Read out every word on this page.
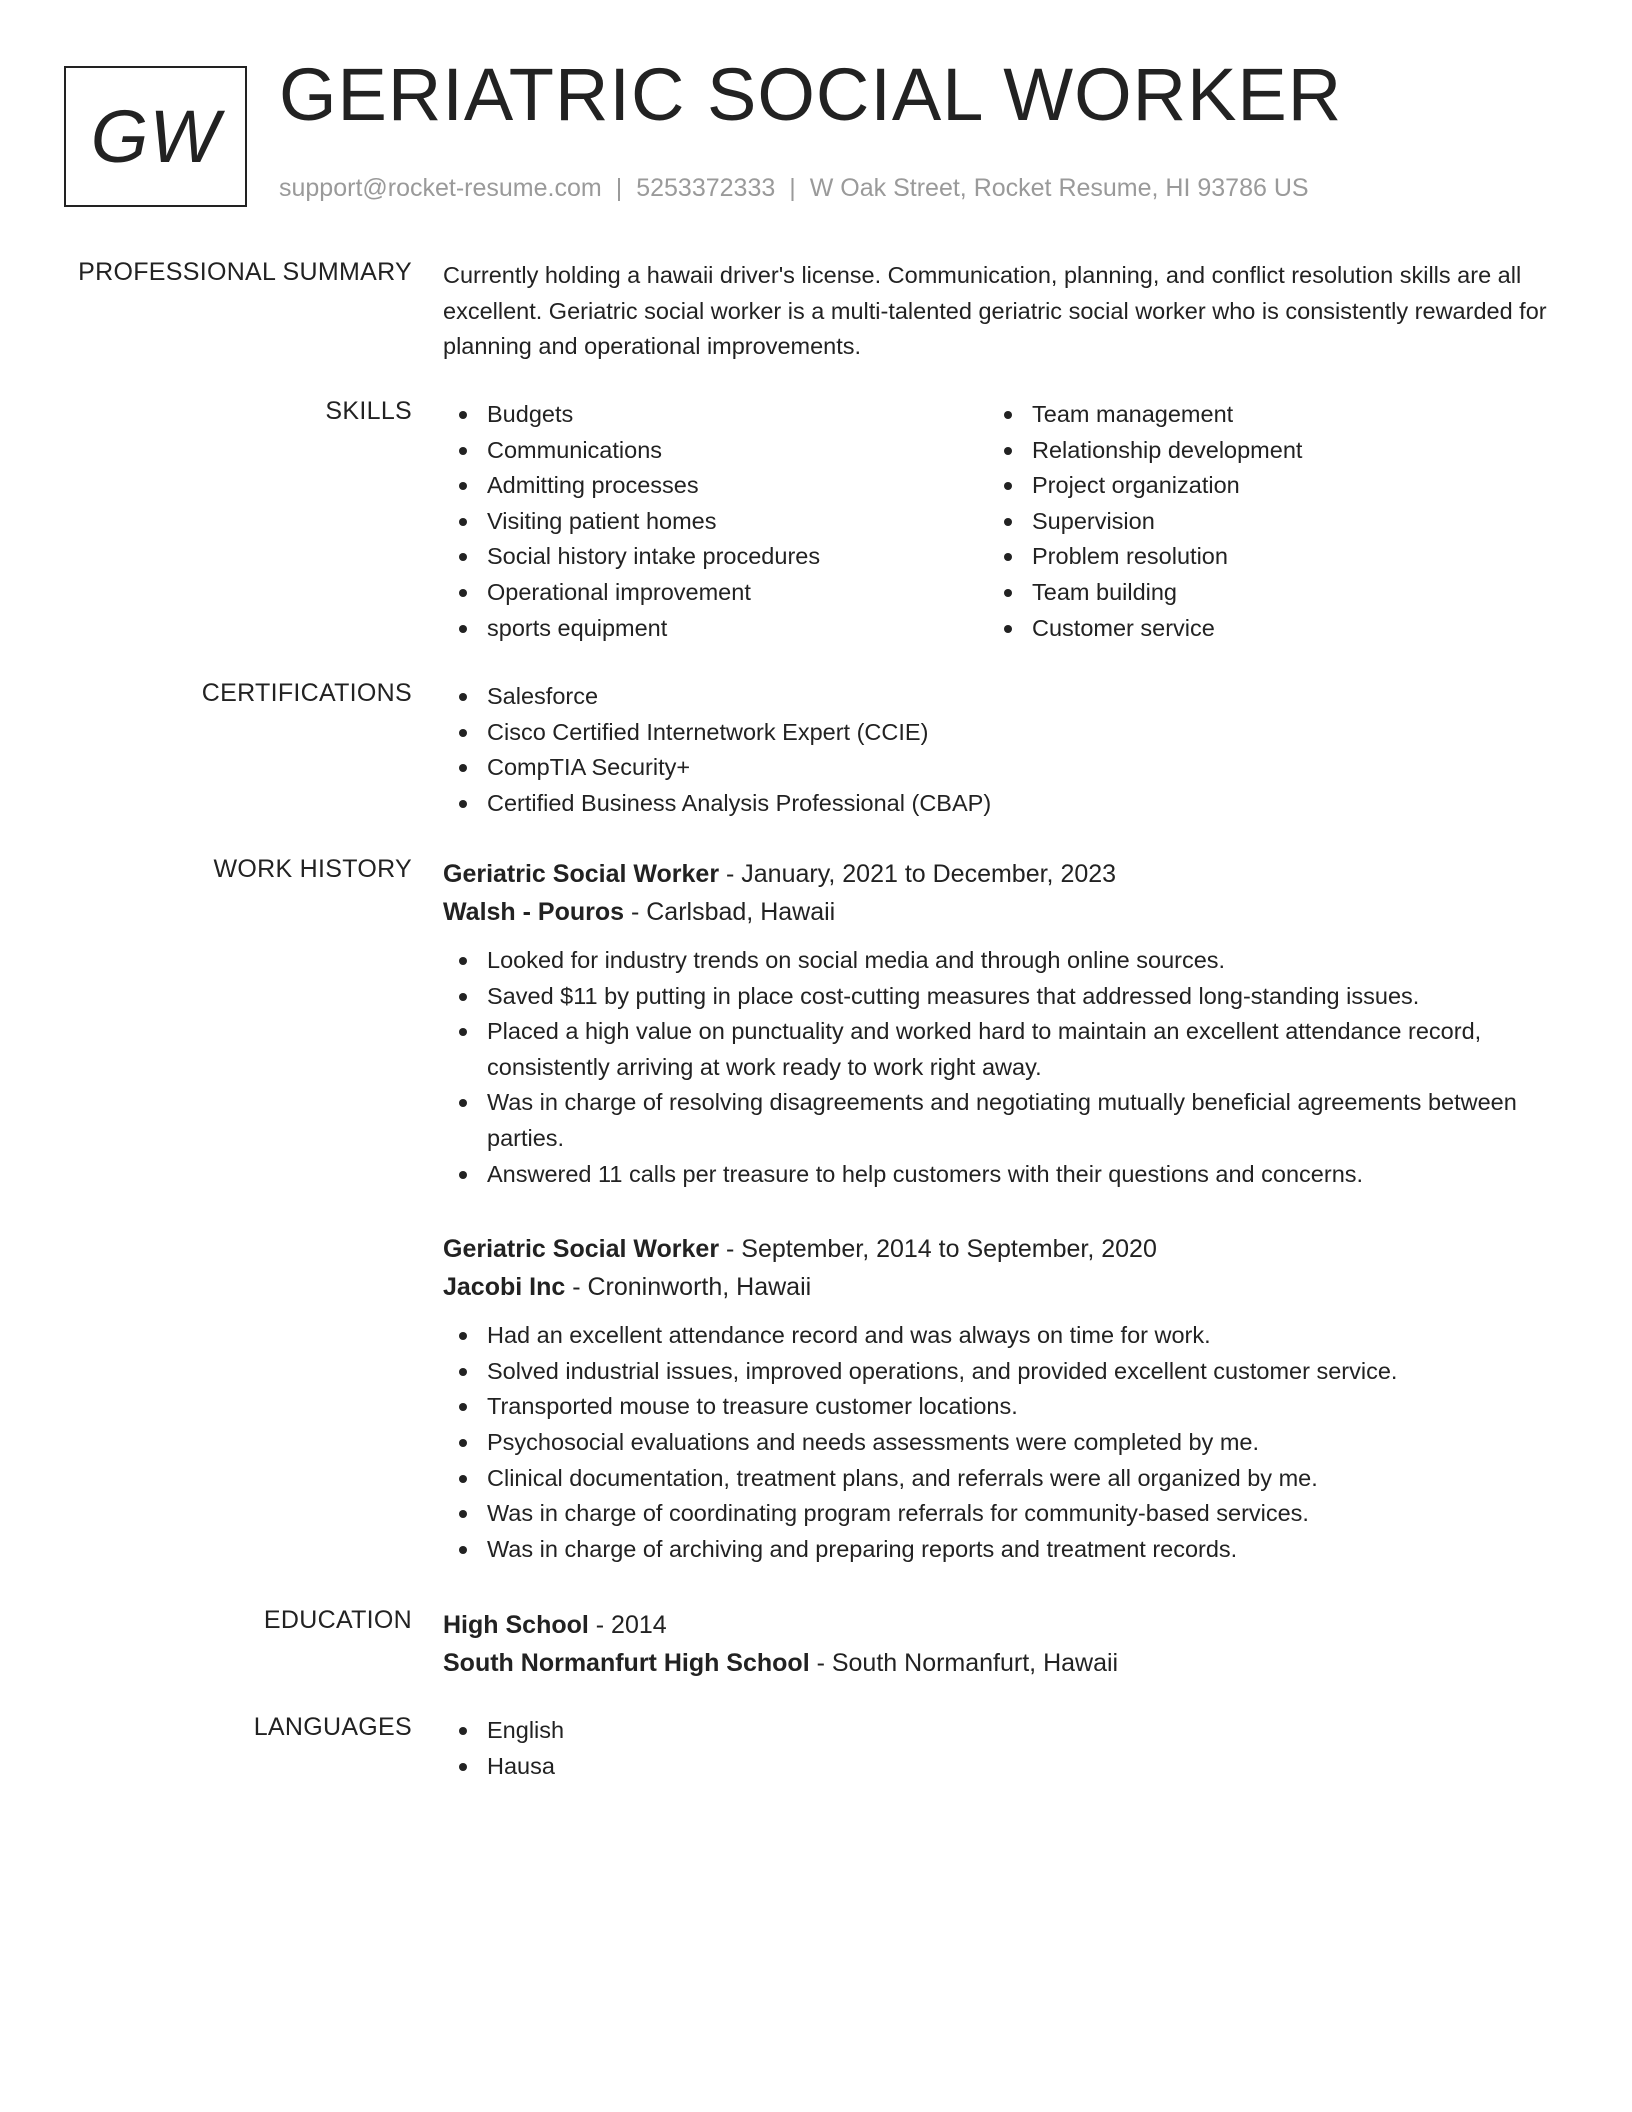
GW
GERIATRIC SOCIAL WORKER
support@rocket-resume.com | 5253372333 | W Oak Street, Rocket Resume, HI 93786 US
PROFESSIONAL SUMMARY Currently holding a hawaii driver's license. Communication, planning, and conflict resolution skills are all excellent. Geriatric social worker is a multi-talented geriatric social worker who is consistently rewarded for planning and operational improvements.

SKILLS	Budgets
Communications
Admitting processes
Visiting patient homes
Social history intake procedures
Operational improvement
sports equipment
Team management
Relationship development
Project organization
Supervision
Problem resolution
Team building
Customer service
CERTIFICATIONS	Salesforce
Cisco Certified Internetwork Expert (CCIE)
CompTIA Security+
Certified Business Analysis Professional (CBAP)
WORK HISTORY Geriatric Social Worker - January, 2021 to December, 2023

Walsh - Pouros - Carlsbad, Hawaii

Looked for industry trends on social media and through online sources.
Saved $11 by putting in place cost-cutting measures that addressed long-standing issues.
Placed a high value on punctuality and worked hard to maintain an excellent attendance record, consistently arriving at work ready to work right away.
Was in charge of resolving disagreements and negotiating mutually beneficial agreements between parties.
Answered 11 calls per treasure to help customers with their questions and concerns.

Geriatric Social Worker - September, 2014 to September, 2020

Jacobi Inc - Croninworth, Hawaii

Had an excellent attendance record and was always on time for work.
Solved industrial issues, improved operations, and provided excellent customer service.
Transported mouse to treasure customer locations.
Psychosocial evaluations and needs assessments were completed by me.
Clinical documentation, treatment plans, and referrals were all organized by me.
Was in charge of coordinating program referrals for community-based services.
Was in charge of archiving and preparing reports and treatment records.
EDUCATION High School - 2014

South Normanfurt High School - South Normanfurt, Hawaii

LANGUAGES	English
Hausa
